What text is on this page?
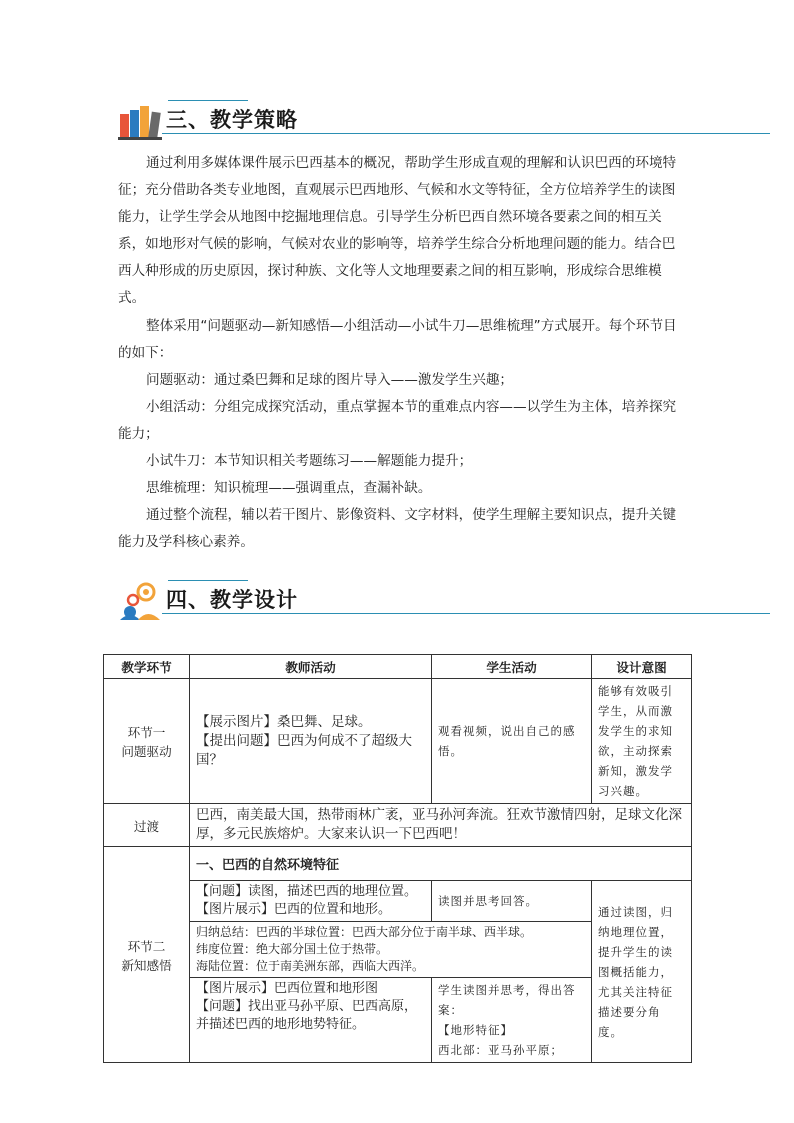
三、教学策略

通过利用多媒体课件展示巴西基本的概况，帮助学生形成直观的理解和认识巴西的环境特征；充分借助各类专业地图，直观展示巴西地形、气候和水文等特征，全方位培养学生的读图能力，让学生学会从地图中挖掘地理信息。引导学生分析巴西自然环境各要素之间的相互关系，如地形对气候的影响，气候对农业的影响等，培养学生综合分析地理问题的能力。结合巴西人种形成的历史原因，探讨种族、文化等人文地理要素之间的相互影响，形成综合思维模式。

整体采用“问题驱动—新知感悟—小组活动—小试牛刀—思维梳理”方式展开。每个环节目的如下：

问题驱动：通过桑巴舞和足球的图片导入——激发学生兴趣；

小组活动：分组完成探究活动，重点掌握本节的重难点内容——以学生为主体，培养探究能力；

小试牛刀：本节知识相关考题练习——解题能力提升；

思维梳理：知识梳理——强调重点，查漏补缺。

通过整个流程，辅以若干图片、影像资料、文字材料，使学生理解主要知识点，提升关键能力及学科核心素养。

四、教学设计
教学环节	教师活动	学生活动	设计意图
环节一
问题驱动	【展示图片】桑巴舞、足球。
【提出问题】巴西为何成不了超级大国？	观看视频，说出自己的感悟。	能够有效吸引学生，从而激发学生的求知欲，主动探索新知，激发学习兴趣。
过渡	巴西，南美最大国，热带雨林广袤，亚马孙河奔流。狂欢节激情四射，足球文化深厚，多元民族熔炉。大家来认识一下巴西吧！		
环节二
新知感悟	一、巴西的自然环境特征		
	【问题】读图，描述巴西的地理位置。
【图片展示】巴西的位置和地形。	读图并思考回答。	通过读图，归纳地理位置，提升学生的读图概括能力，尤其关注特征描述要分角度。
	归纳总结：巴西的半球位置：巴西大部分位于南半球、西半球。
纬度位置：绝大部分国土位于热带。
海陆位置：位于南美洲东部，西临大西洋。		
	【图片展示】巴西位置和地形图
【问题】找出亚马孙平原、巴西高原，并描述巴西的地形地势特征。	学生读图并思考，得出答案：
【地形特征】
西北部：亚马孙平原；	
